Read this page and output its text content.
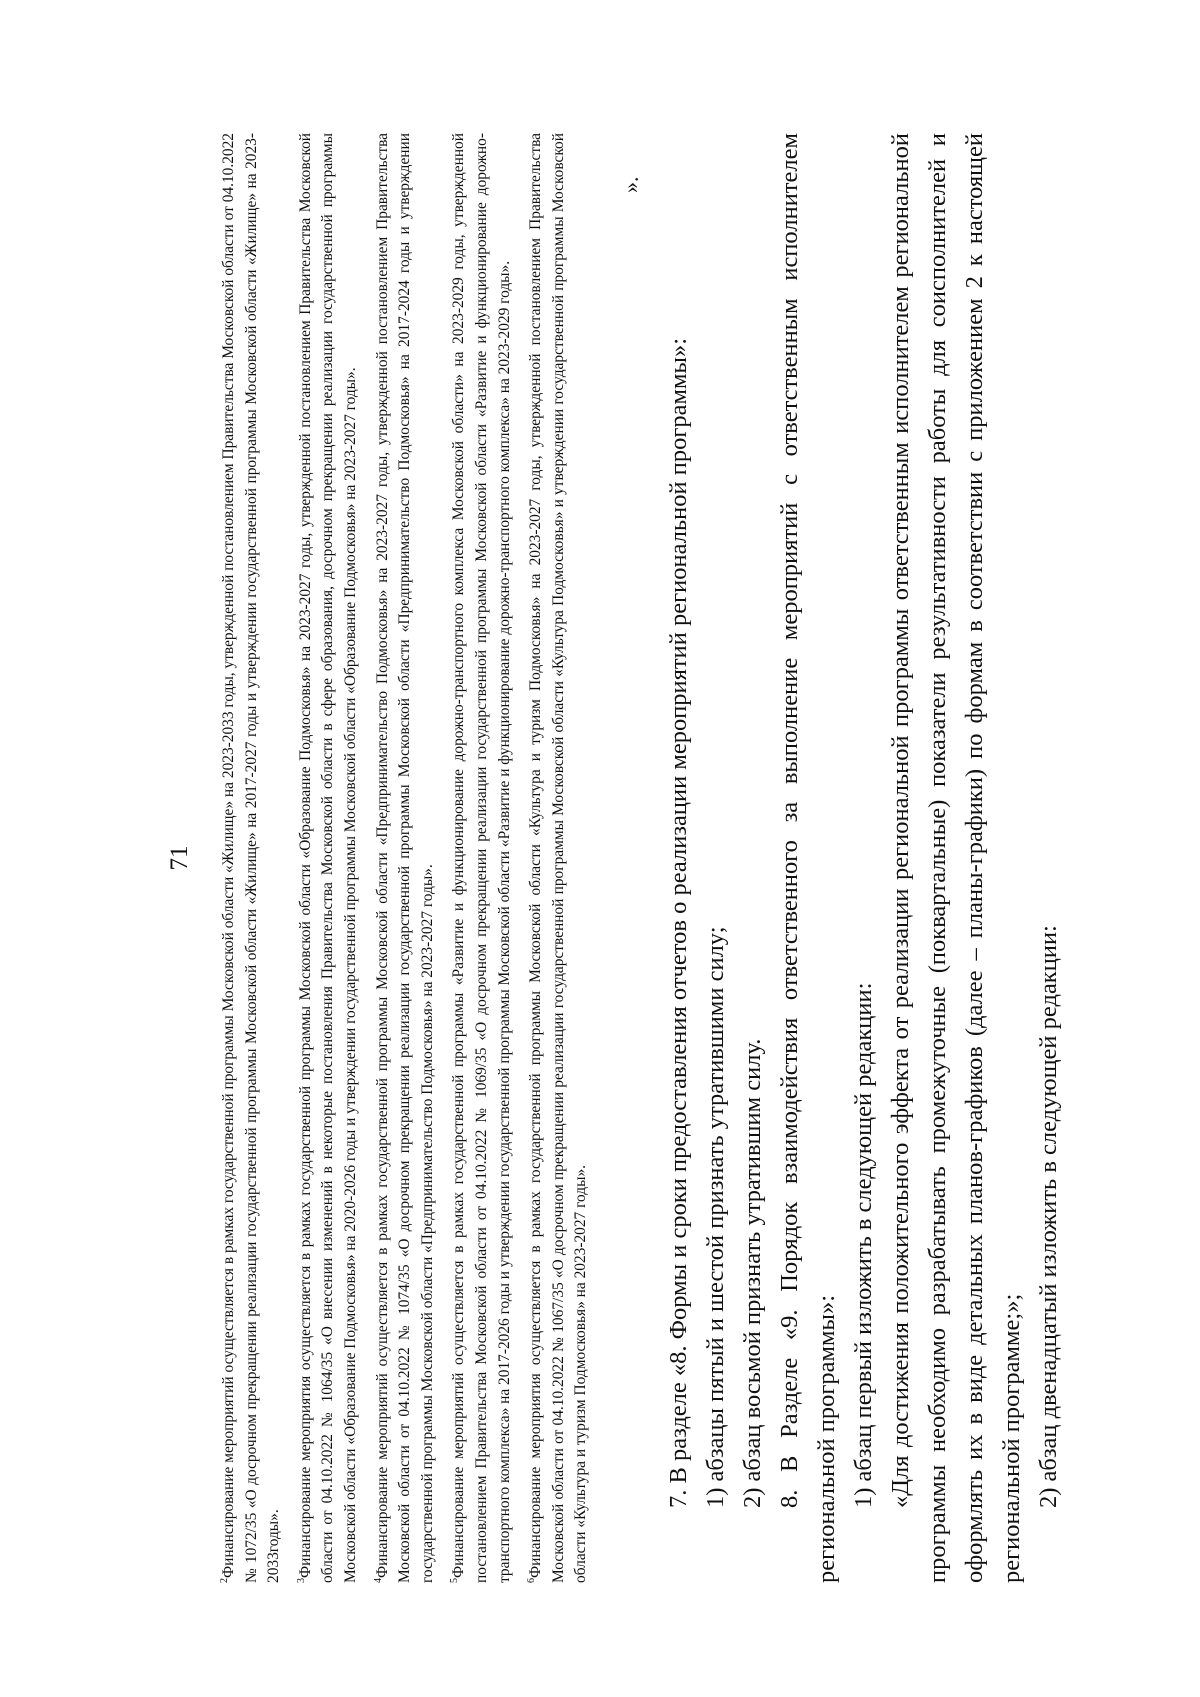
71

$^2$Финансирование мероприятий осуществляется в рамках государственной программы Московской области «Жилище» на 2023-2033 годы, утвержденной постановлением Правительства Московской области от 04.10.2022 № 1072/35 «О досрочном прекращении реализации государственной программы Московской области «Жилище» на 2017-2027 годы и утверждении государственной программы Московской области «Жилище» на 2023-2033годы».	$^3$Финансирование мероприятия осуществляется в рамках государственной программы Московской области «Образование Подмосковья» на 2023-2027 годы, утвержденной постановлением Правительства Московской области от 04.10.2022 № 1064/35 «О внесении изменений в некоторые постановления Правительства Московской области в сфере образования, досрочном прекращении реализации государственной программы Московской области «Образование Подмосковья» на 2020-2026 годы и утверждении государственной программы Московской области «Образование Подмосковья» на 2023-2027 годы».	$^4$Финансирование мероприятий осуществляется в рамках государственной программы Московской области «Предпринимательство Подмосковья» на 2023-2027 годы, утвержденной постановлением Правительства Московской области от 04.10.2022 № 1074/35 «О досрочном прекращении реализации государственной программы Московской области «Предпринимательство Подмосковья» на 2017-2024 годы и утверждении государственной программы Московской области «Предпринимательство Подмосковья» на 2023-2027 годы».	$^5$Финансирование мероприятий осуществляется в рамках государственной программы «Развитие и функционирование дорожно-транспортного комплекса Московской области» на 2023-2029 годы, утвержденной постановлением Правительства Московской области от 04.10.2022 № 1069/35 «О досрочном прекращении реализации государственной программы Московской области «Развитие и функционирование дорожно-транспортного комплекса» на 2017-2026 годы и утверждении государственной программы Московской области «Развитие и функционирование дорожно-транспортного комплекса» на 2023-2029 годы».	$^6$Финансирование мероприятия осуществляется в рамках государственной программы Московской области «Культура и туризм Подмосковья» на 2023-2027 годы, утвержденной постановлением Правительства Московской области от 04.10.2022 № 1067/35 «О досрочном прекращении реализации государственной программы Московской области «Культура Подмосковья» и утверждении государственной программы Московской области «Культура и туризм Подмосковья» на 2023-2027 годы».

».

7. В разделе «8. Формы и сроки предоставления отчетов о реализации мероприятий региональной программы»: 1) абзацы пятый и шестой признать утратившими силу; 2) абзац восьмой признать утратившим силу. 8. В Разделе «9. Порядок взаимодействия ответственного за выполнение мероприятий с ответственным исполнителем региональной программы»: 1) абзац первый изложить в следующей редакции: «Для достижения положительного эффекта от реализации региональной программы ответственным исполнителем региональной программы необходимо разрабатывать промежуточные (поквартальные) показатели результативности работы для соисполнителей и оформлять их в виде детальных планов-графиков (далее – планы-графики) по формам в соответствии с приложением 2 к настоящей региональной программе;»; 2) абзац двенадцатый изложить в следующей редакции:
